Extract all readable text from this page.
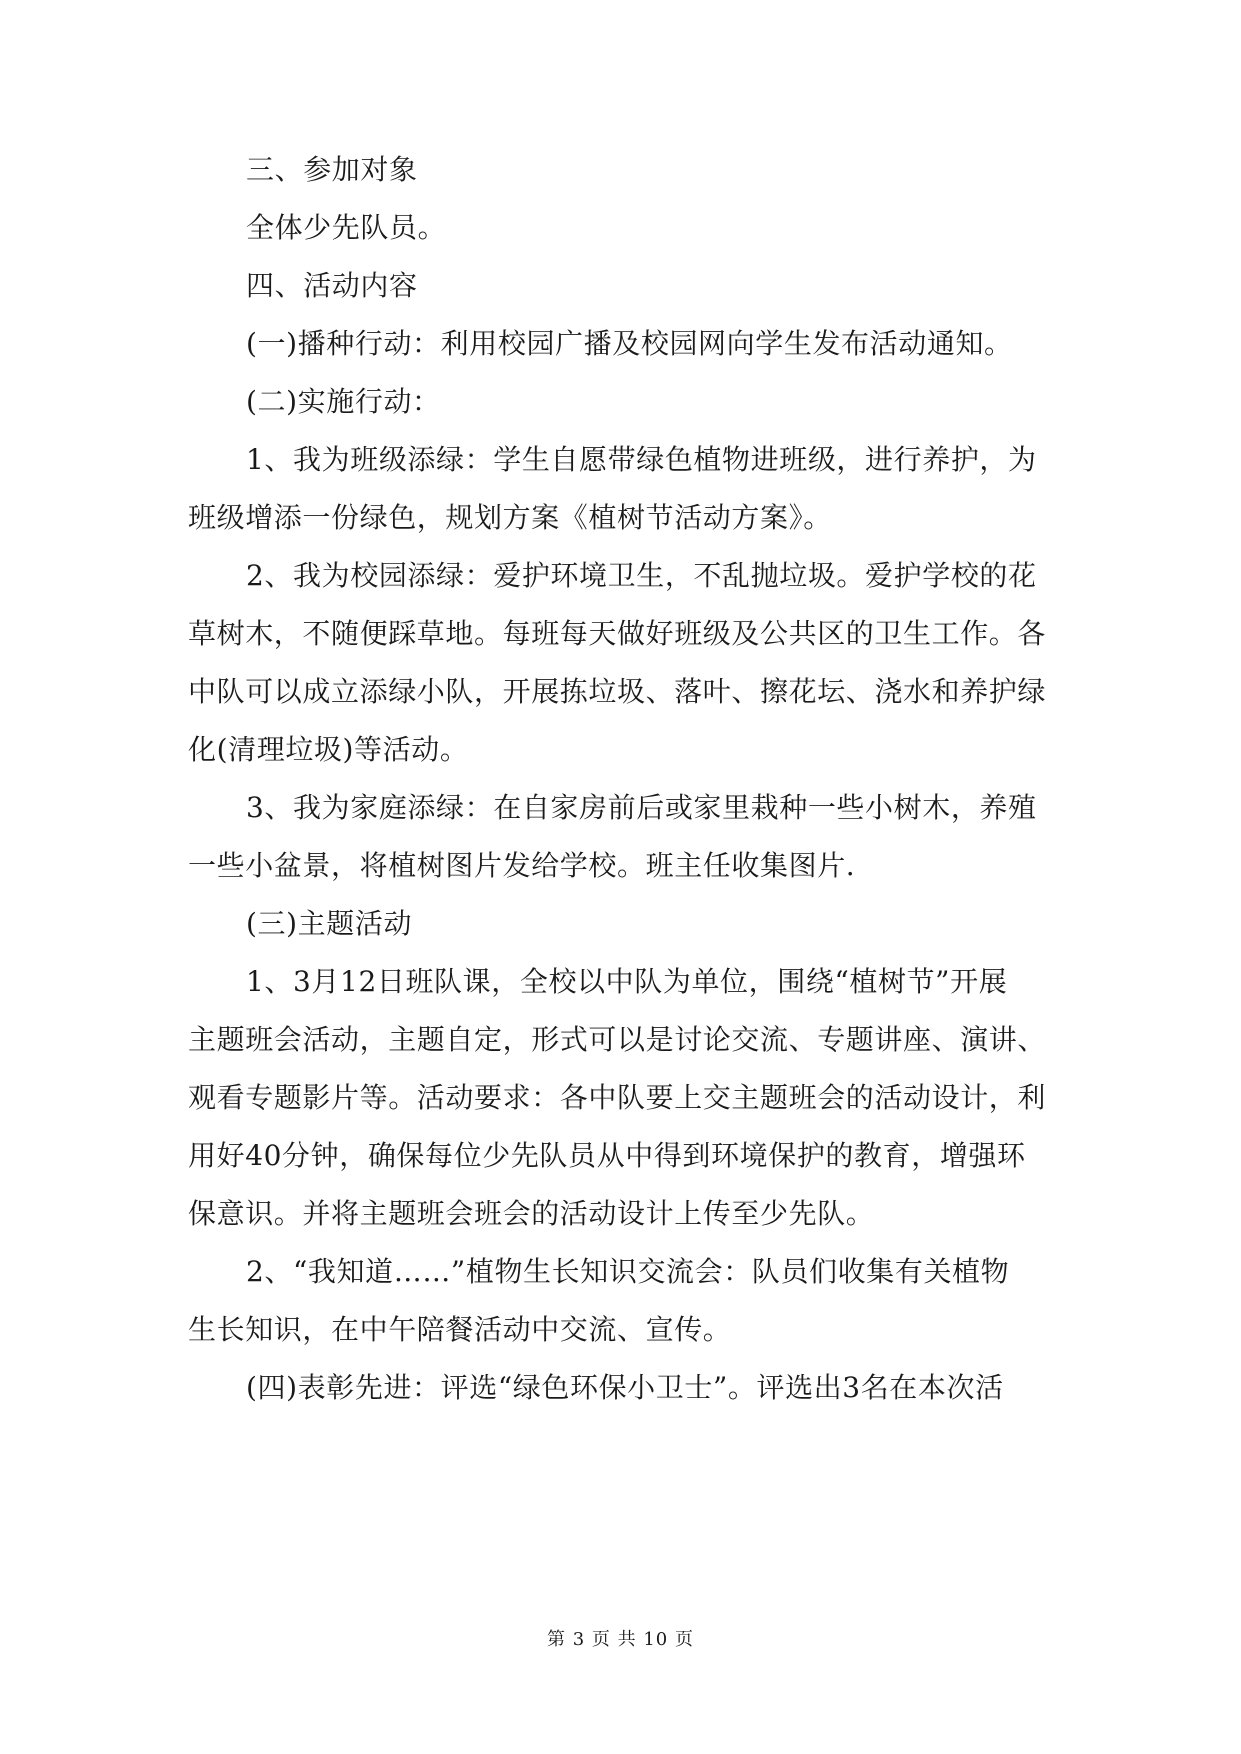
三、参加对象
全体少先队员。
四、活动内容
(一)播种行动：利用校园广播及校园网向学生发布活动通知。
(二)实施行动：
1、我为班级添绿：学生自愿带绿色植物进班级，进行养护，为
班级增添一份绿色，规划方案《植树节活动方案》。
2、我为校园添绿：爱护环境卫生，不乱抛垃圾。爱护学校的花
草树木，不随便踩草地。每班每天做好班级及公共区的卫生工作。各
中队可以成立添绿小队，开展拣垃圾、落叶、擦花坛、浇水和养护绿
化(清理垃圾)等活动。
3、我为家庭添绿：在自家房前后或家里栽种一些小树木，养殖
一些小盆景，将植树图片发给学校。班主任收集图片.
(三)主题活动
1、3月12日班队课，全校以中队为单位，围绕“植树节”开展
主题班会活动，主题自定，形式可以是讨论交流、专题讲座、演讲、
观看专题影片等。活动要求：各中队要上交主题班会的活动设计，利
用好40分钟，确保每位少先队员从中得到环境保护的教育，增强环
保意识。并将主题班会班会的活动设计上传至少先队。
2、“我知道……”植物生长知识交流会：队员们收集有关植物
生长知识，在中午陪餐活动中交流、宣传。
(四)表彰先进：评选“绿色环保小卫士”。评选出3名在本次活
第 3 页 共 10 页
